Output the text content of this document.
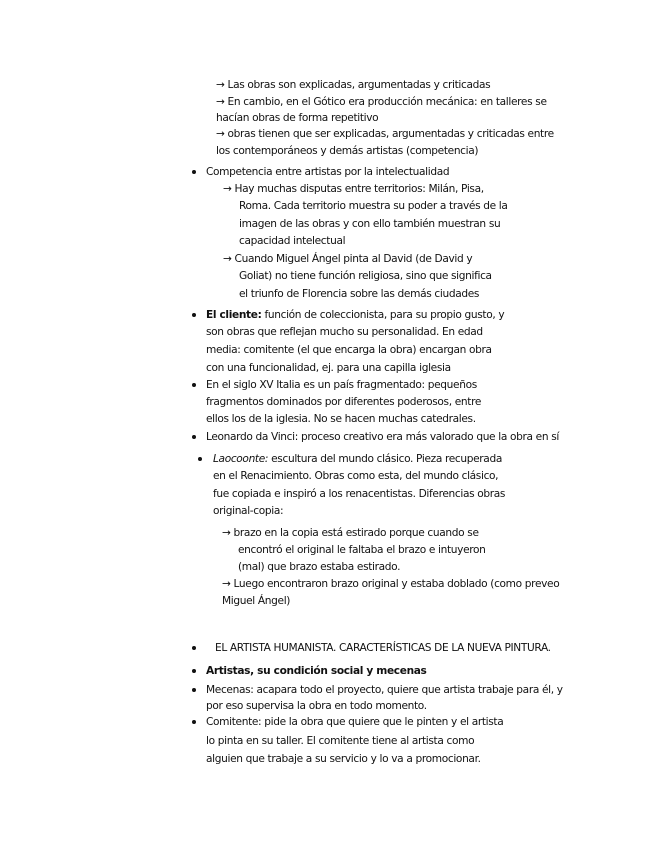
→ Las obras son explicadas, argumentadas y criticadas
→ En cambio, en el Gótico era producción mecánica: en talleres se
hacían obras de forma repetitivo
→ obras tienen que ser explicadas, argumentadas y criticadas entre
los contemporáneos y demás artistas (competencia)
Competencia entre artistas por la intelectualidad
→ Hay muchas disputas entre territorios: Milán, Pisa,
Roma. Cada territorio muestra su poder a través de la
imagen de las obras y con ello también muestran su
capacidad intelectual
→ Cuando Miguel Ángel pinta al David (de David y
Goliat) no tiene función religiosa, sino que significa
el triunfo de Florencia sobre las demás ciudades
El cliente: función de coleccionista, para su propio gusto, y
son obras que reflejan mucho su personalidad. En edad
media: comitente (el que encarga la obra) encargan obra
con una funcionalidad, ej. para una capilla iglesia
En el siglo XV Italia es un país fragmentado: pequeños
fragmentos dominados por diferentes poderosos, entre
ellos los de la iglesia. No se hacen muchas catedrales.
Leonardo da Vinci: proceso creativo era más valorado que la obra en sí
Laocoonte: escultura del mundo clásico. Pieza recuperada
en el Renacimiento. Obras como esta, del mundo clásico,
fue copiada e inspiró a los renacentistas. Diferencias obras
original-copia:
→ brazo en la copia está estirado porque cuando se
encontró el original le faltaba el brazo e intuyeron
(mal) que brazo estaba estirado.
→ Luego encontraron brazo original y estaba doblado (como preveo
Miguel Ángel)
EL ARTISTA HUMANISTA. CARACTERÍSTICAS DE LA NUEVA PINTURA.
Artistas, su condición social y mecenas
Mecenas: acapara todo el proyecto, quiere que artista trabaje para él, y
por eso supervisa la obra en todo momento.
Comitente: pide la obra que quiere que le pinten y el artista
lo pinta en su taller. El comitente tiene al artista como
alguien que trabaje a su servicio y lo va a promocionar.
